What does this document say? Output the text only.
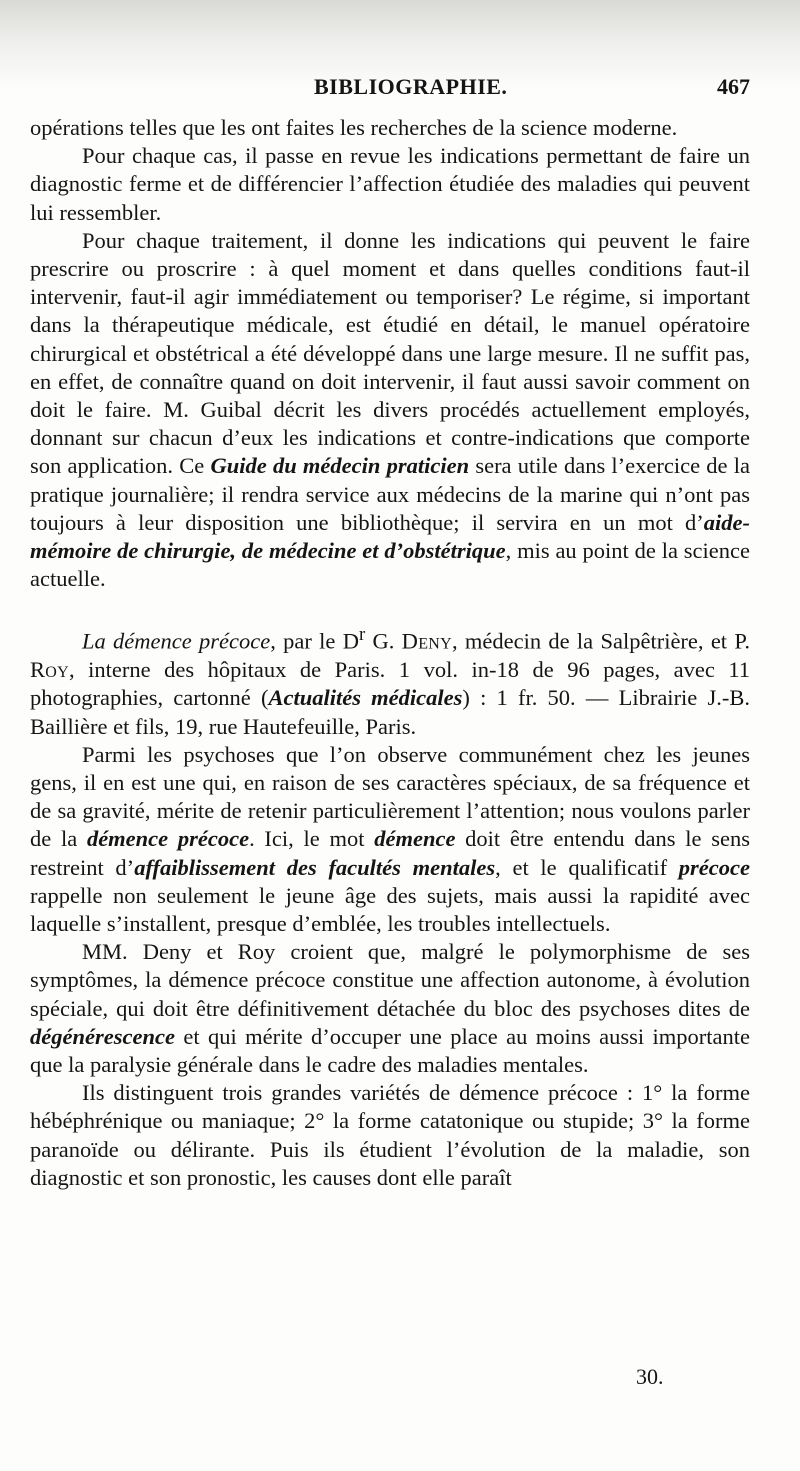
BIBLIOGRAPHIE.	467

opérations telles que les ont faites les recherches de la science moderne.

Pour chaque cas, il passe en revue les indications permettant de faire un diagnostic ferme et de différencier l’affection étudiée des maladies qui peuvent lui ressembler.

Pour chaque traitement, il donne les indications qui peuvent le faire prescrire ou proscrire : à quel moment et dans quelles conditions faut-il intervenir, faut-il agir immédiatement ou temporiser? Le régime, si important dans la thérapeutique médicale, est étudié en détail, le manuel opératoire chirurgical et obstétrical a été développé dans une large mesure. Il ne suffit pas, en effet, de connaître quand on doit intervenir, il faut aussi savoir comment on doit le faire. M. Guibal décrit les divers procédés actuellement employés, donnant sur chacun d’eux les indications et contre-indications que comporte son application. Ce Guide du médecin praticien sera utile dans l’exercice de la pratique journalière; il rendra service aux médecins de la marine qui n’ont pas toujours à leur disposition une bibliothèque; il servira en un mot d’aide-mémoire de chirurgie, de médecine et d’obstétrique, mis au point de la science actuelle.

La démence précoce, par le $D^r$ G. Deny, médecin de la Salpêtrière, et P. Roy, interne des hôpitaux de Paris. 1 vol. in-18 de 96 pages, avec 11 photographies, cartonné (Actualités médicales) : 1 fr. 50. — Librairie J.-B. Baillière et fils, 19, rue Hautefeuille, Paris.

Parmi les psychoses que l’on observe communément chez les jeunes gens, il en est une qui, en raison de ses caractères spéciaux, de sa fréquence et de sa gravité, mérite de retenir particulièrement l’attention; nous voulons parler de la démence précoce. Ici, le mot démence doit être entendu dans le sens restreint d’affaiblissement des facultés mentales, et le qualificatif précoce rappelle non seulement le jeune âge des sujets, mais aussi la rapidité avec laquelle s’installent, presque d’emblée, les troubles intellectuels.

MM. Deny et Roy croient que, malgré le polymorphisme de ses symptômes, la démence précoce constitue une affection autonome, à évolution spéciale, qui doit être définitivement détachée du bloc des psychoses dites de dégénérescence et qui mérite d’occuper une place au moins aussi importante que la paralysie générale dans le cadre des maladies mentales.

Ils distinguent trois grandes variétés de démence précoce : 1° la forme hébéphrénique ou maniaque; 2° la forme catatonique ou stupide; 3° la forme paranoïde ou délirante. Puis ils étudient l’évolution de la maladie, son diagnostic et son pronostic, les causes dont elle paraît

30.
